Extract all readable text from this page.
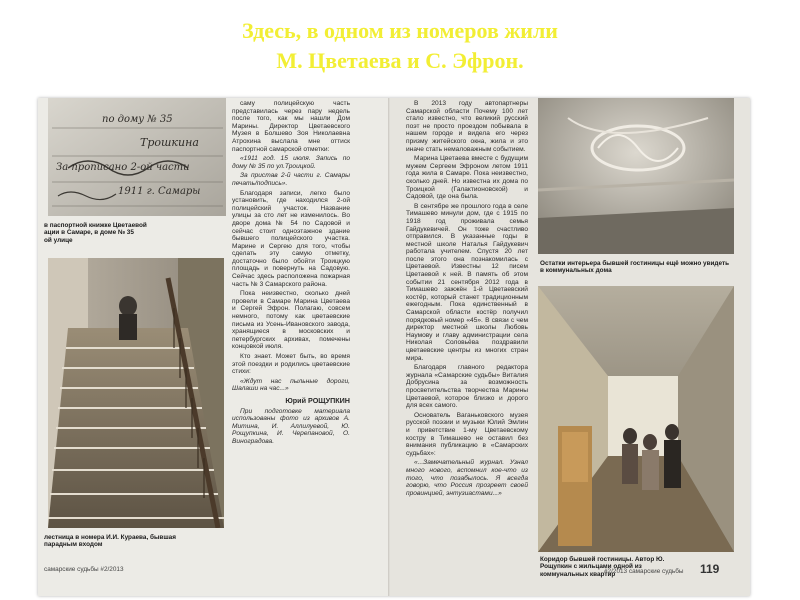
Здесь, в одном из номеров жили
М. Цветаева и С. Эфрон.
по дому № 35
Трошкина
За прописано 2-ой части
1911 г. Самары
в паспортной книжке Цветаевой
ации в Самаре, в доме № 35
ой улице
лестница в номера И.И. Кураева, бывшая
парадным входом
самарские судьбы #2/2013

саму полицейскую часть представилась через пару недель после того, как мы нашли Дом Марины. Директор Цветаевского Музея в Болшево Зоя Николаевна Атрохина выслала мне оттиск паспортной самарской отметки:

«1911 год. 15 июля. Запись по дому № 35 по ул.Троицкой.

За пристав 2-й части г. Самары печать/подпись».

Благодаря записи, легко было установить, где находился 2-ой полицейский участок. Название улицы за сто лет не изменилось. Во дворе дома № 54 по Садовой и сейчас стоит одноэтажное здание бывшего полицейского участка. Марине и Сергею для того, чтобы сделать эту самую отметку, достаточно было обойти Троицкую площадь и повернуть на Садовую. Сейчас здесь расположена пожарная часть № 3 Самарского района.

Пока неизвестно, сколько дней провели в Самаре Марина Цветаева и Сергей Эфрон. Полагаю, совсем немного, потому как цветаевские письма из Усень-Ивановского завода, хранящиеся в московских и петербургских архивах, помечены концовкой июля.

Кто знает. Может быть, во время этой поездки и родились цветаевские стихи:

«Ждут нас пыльные дороги, Шалаши на час...»

Юрий РОЩУПКИН

При подготовке материала использованы фото из архивов А. Митина, И. Аллилуевой, Ю. Рощупкина, И. Черепановой, О. Виноградова.

В 2013 году автопартнеры Самарской области Почему 100 лет стало известно, что великий русский поэт не просто проездом побывала в нашем городе и видела его через призму житейского окна, жила и это иначе стать немаловажным событием.

Марина Цветаева вместе с будущим мужем Сергеем Эфроном летом 1911 года жила в Самаре. Пока неизвестно, сколько дней. Но известна их дома по Троицкой (Галактионовской) и Садовой, где она была.

В сентябре же прошлого года в селе Тимашево минули дом, где с 1915 по 1918 год проживала семья Гайдукевичей. Он тоже счастливо отправился. В указанные годы в местной школе Наталья Гайдукевич работала учителем. Спустя 20 лет после этого она познакомилась с Цветаевой. Известны 12 писем Цветаевой к ней. В память об этом событии 21 сентября 2012 года в Тимашево зажжён 1-й Цветаевский костёр, который станет традиционным ежегодным. Пока единственный в Самарской области костёр получил порядковый номер «45». В связи с чем директор местной школы Любовь Наумову и главу администрации села Николая Соловьёва поздравили цветаевские центры из многих стран мира.

Благодаря главного редактора журнала «Самарские судьбы» Виталия Добрусина за возможность просветительства творчества Марины Цветаевой, которое близко и дорого для всех самого.

Основатель Ваганьковского музея русской поэзии и музыки Юлий Эмлин и приветствие 1-му Цветаевскому костру в Тимашево не оставил без внимания публикацию в «Самарских судьбах»:

«...Замечательный журнал. Узнал много нового, вспомнил кое-что из того, что позабылось. Я всегда говорю, что Россия прозреет своей провинцией, энтузиастами...»

Остатки интерьера бывшей гостиницы ещё можно увидеть в коммунальных дома
Коридор бывшей гостиницы. Автор Ю. Рощупкин с жильцами одной из коммунальных квартир
#2/2013 самарские судьбы 119
